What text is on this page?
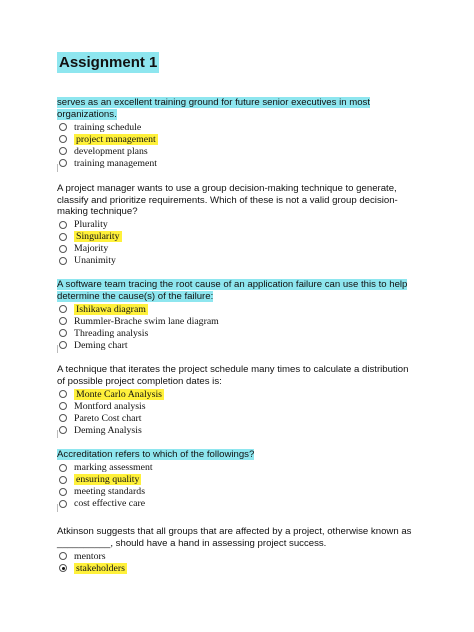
Assignment 1

serves as an excellent training ground for future senior executives in most organizations.

training schedule
project management
development plans
training management

A project manager wants to use a group decision-making technique to generate, classify and prioritize requirements. Which of these is not a valid group decision-making technique?

Plurality
Singularity
Majority
Unanimity

A software team tracing the root cause of an application failure can use this to help determine the cause(s) of the failure:

Ishikawa diagram
Rummler-Brache swim lane diagram
Threading analysis
Deming chart

A technique that iterates the project schedule many times to calculate a distribution of possible project completion dates is:

Monte Carlo Analysis
Montford analysis
Pareto Cost chart
Deming Analysis

Accreditation refers to which of the followings?

marking assessment
ensuring quality
meeting standards
cost effective care

Atkinson suggests that all groups that are affected by a project, otherwise known as __________, should have a hand in assessing project success.

mentors
stakeholders
